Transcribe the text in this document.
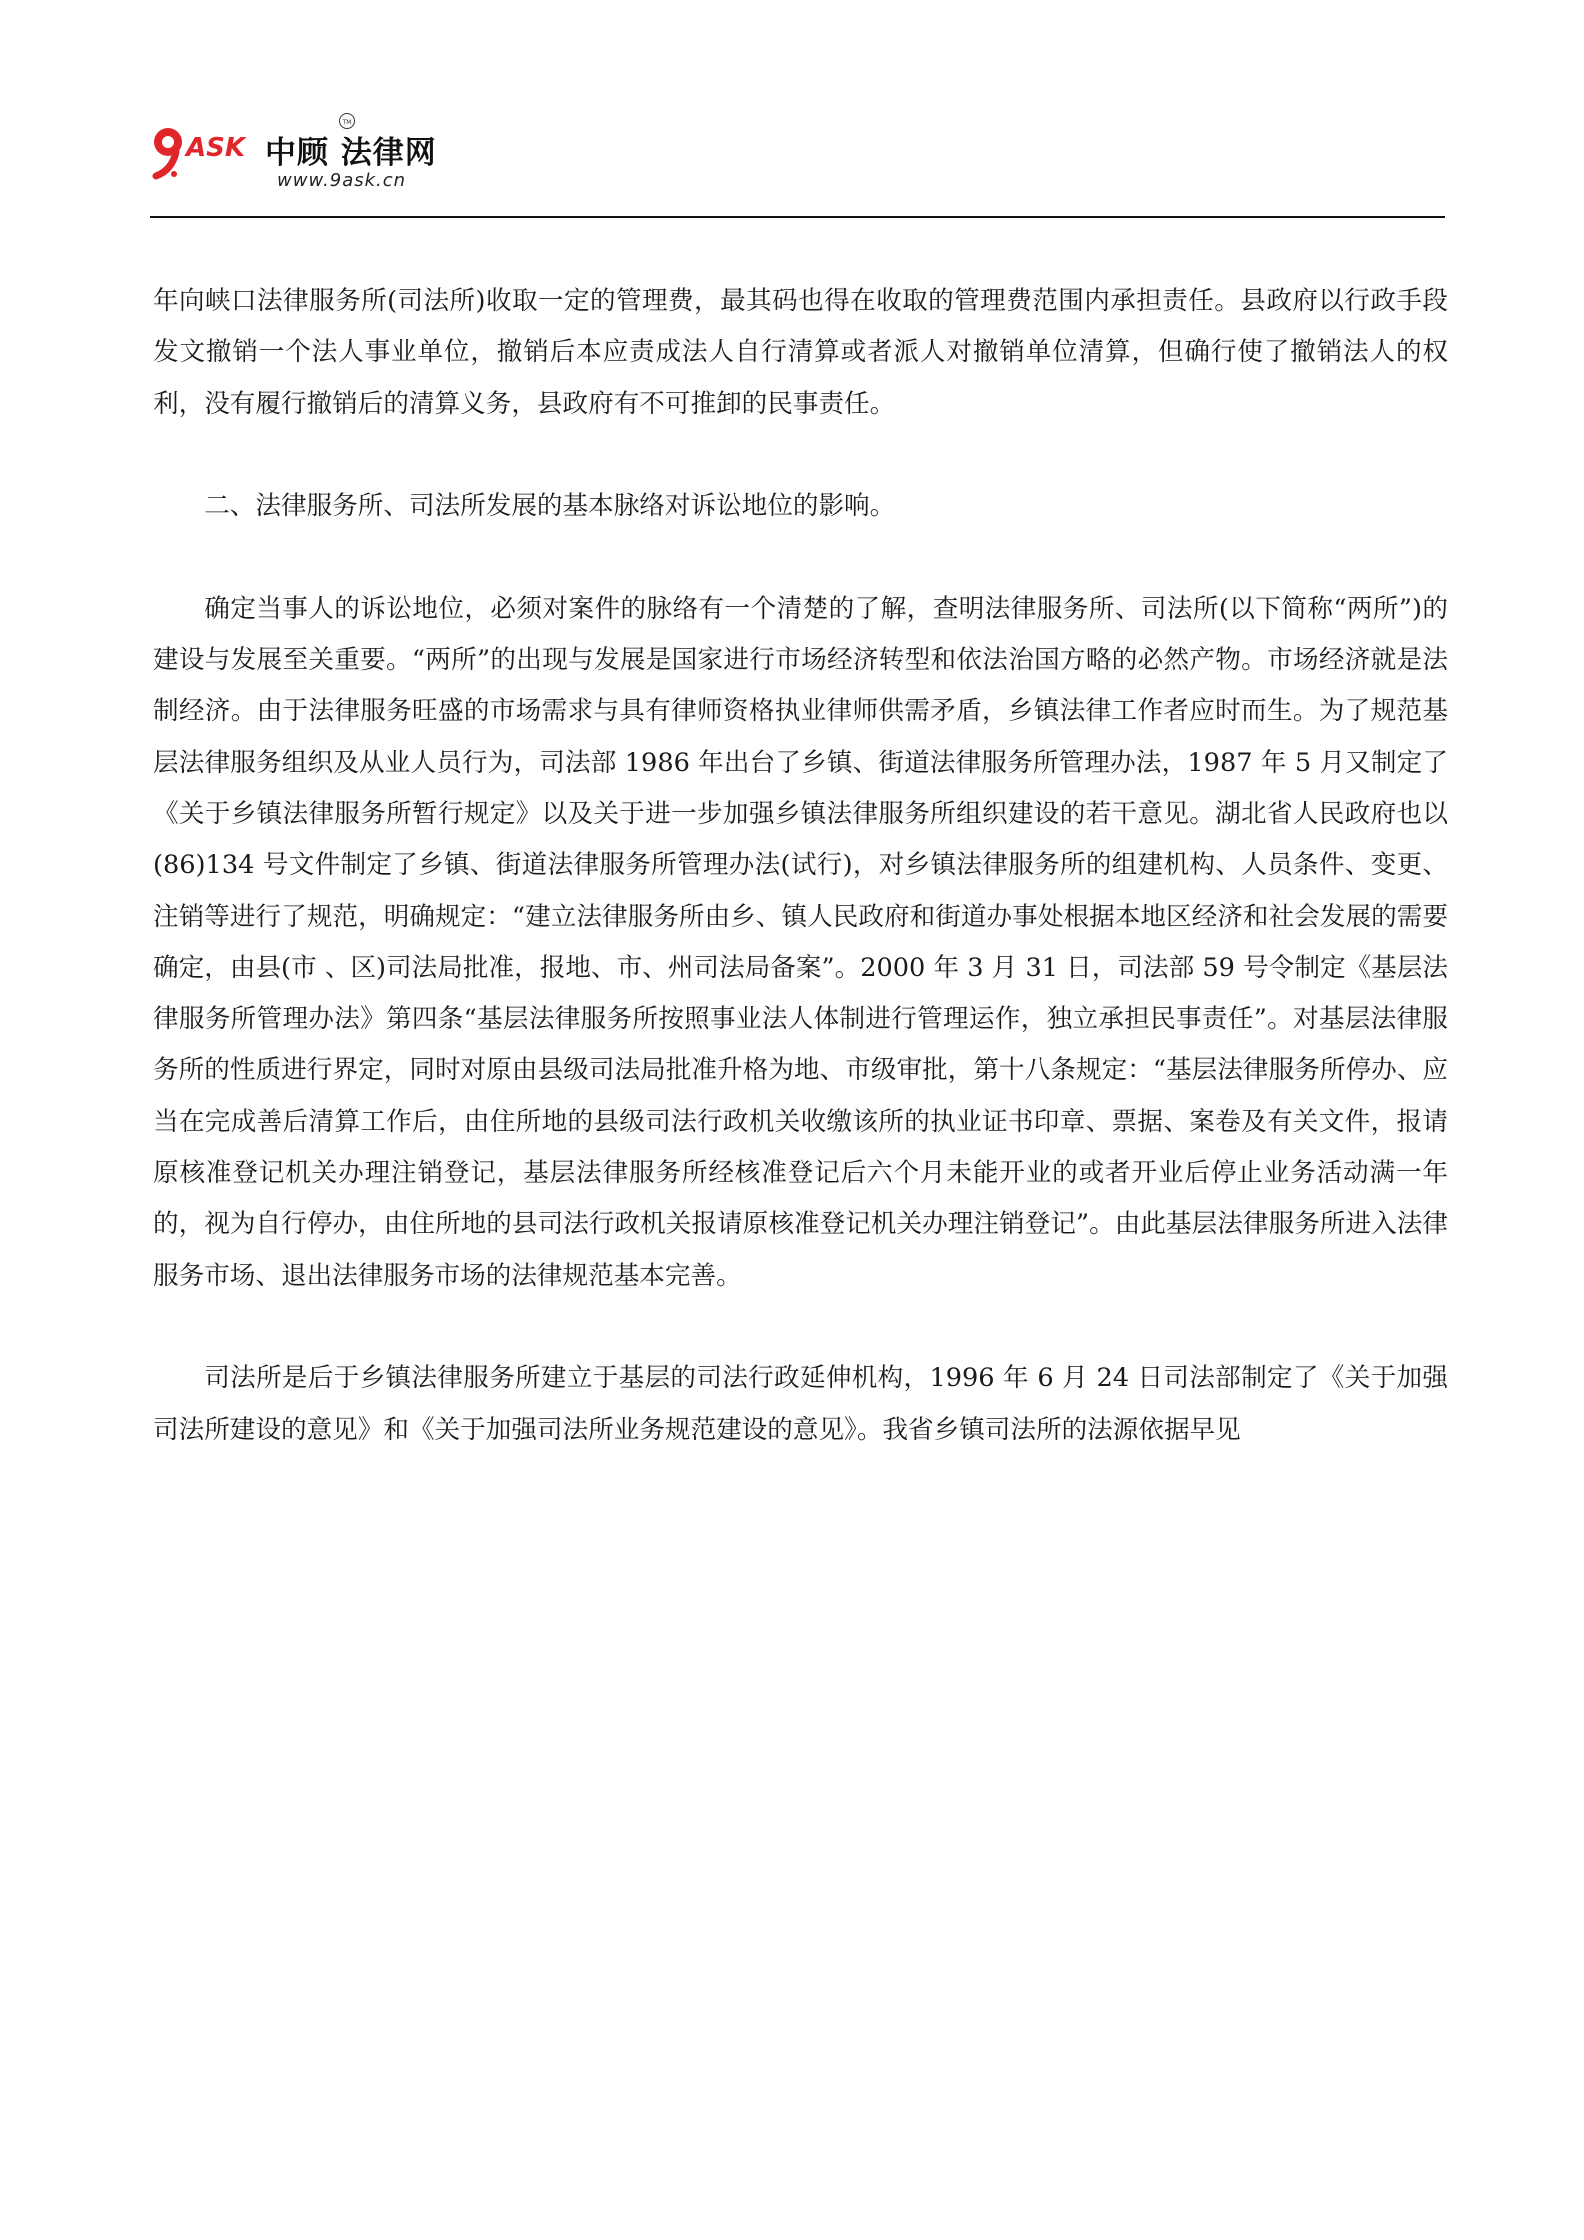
ASK
TM
中顾 法律网
www.9ask.cn

年向峡口法律服务所(司法所)收取一定的管理费，最其码也得在收取的管理费范围内承担责任。县政府以行政手段发文撤销一个法人事业单位，撤销后本应责成法人自行清算或者派人对撤销单位清算，但确行使了撤销法人的权利，没有履行撤销后的清算义务，县政府有不可推卸的民事责任。

二、法律服务所、司法所发展的基本脉络对诉讼地位的影响。

确定当事人的诉讼地位，必须对案件的脉络有一个清楚的了解，查明法律服务所、司法所(以下简称“两所”)的建设与发展至关重要。“两所”的出现与发展是国家进行市场经济转型和依法治国方略的必然产物。市场经济就是法制经济。由于法律服务旺盛的市场需求与具有律师资格执业律师供需矛盾，乡镇法律工作者应时而生。为了规范基层法律服务组织及从业人员行为，司法部 1986 年出台了乡镇、街道法律服务所管理办法，1987 年 5 月又制定了《关于乡镇法律服务所暂行规定》以及关于进一步加强乡镇法律服务所组织建设的若干意见。湖北省人民政府也以(86)134 号文件制定了乡镇、街道法律服务所管理办法(试行)，对乡镇法律服务所的组建机构、人员条件、变更、注销等进行了规范，明确规定：“建立法律服务所由乡、镇人民政府和街道办事处根据本地区经济和社会发展的需要确定，由县(市 、区)司法局批准，报地、市、州司法局备案”。2000 年 3 月 31 日，司法部 59 号令制定《基层法律服务所管理办法》第四条“基层法律服务所按照事业法人体制进行管理运作，独立承担民事责任”。对基层法律服务所的性质进行界定，同时对原由县级司法局批准升格为地、市级审批，第十八条规定：“基层法律服务所停办、应当在完成善后清算工作后，由住所地的县级司法行政机关收缴该所的执业证书印章、票据、案卷及有关文件，报请原核准登记机关办理注销登记，基层法律服务所经核准登记后六个月未能开业的或者开业后停止业务活动满一年的，视为自行停办，由住所地的县司法行政机关报请原核准登记机关办理注销登记”。由此基层法律服务所进入法律服务市场、退出法律服务市场的法律规范基本完善。

司法所是后于乡镇法律服务所建立于基层的司法行政延伸机构，1996 年 6 月 24 日司法部制定了《关于加强司法所建设的意见》和《关于加强司法所业务规范建设的意见》。我省乡镇司法所的法源依据早见
